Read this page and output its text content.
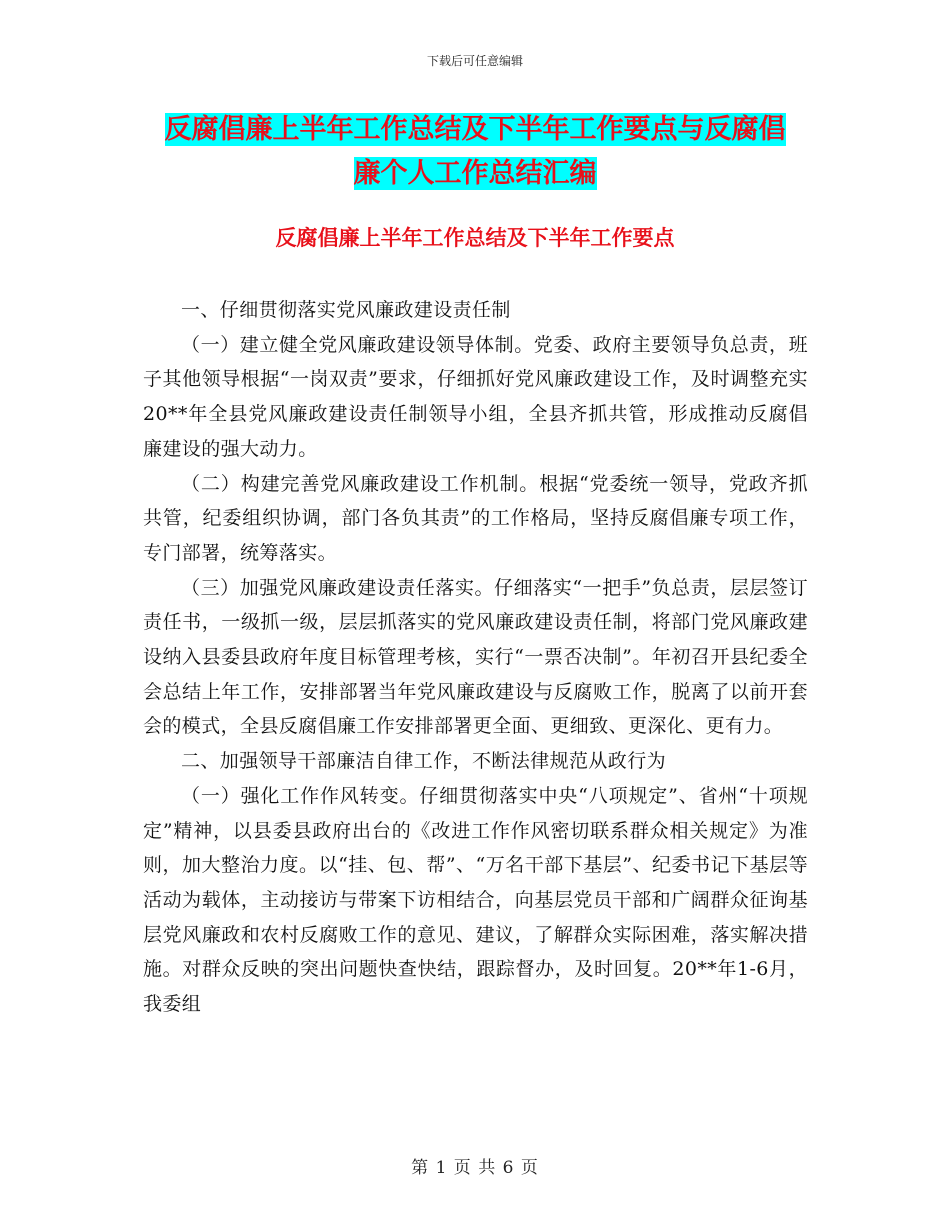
下载后可任意编辑
反腐倡廉上半年工作总结及下半年工作要点与反腐倡
廉个人工作总结汇编
反腐倡廉上半年工作总结及下半年工作要点

一、仔细贯彻落实党风廉政建设责任制

（一）建立健全党风廉政建设领导体制。党委、政府主要领导负总责，班子其他领导根据“一岗双责”要求，仔细抓好党风廉政建设工作，及时调整充实20**年全县党风廉政建设责任制领导小组，全县齐抓共管，形成推动反腐倡廉建设的强大动力。

（二）构建完善党风廉政建设工作机制。根据“党委统一领导，党政齐抓共管，纪委组织协调，部门各负其责”的工作格局，坚持反腐倡廉专项工作，专门部署，统筹落实。

（三）加强党风廉政建设责任落实。仔细落实“一把手”负总责，层层签订责任书，一级抓一级，层层抓落实的党风廉政建设责任制，将部门党风廉政建设纳入县委县政府年度目标管理考核，实行“一票否决制”。年初召开县纪委全会总结上年工作，安排部署当年党风廉政建设与反腐败工作，脱离了以前开套会的模式，全县反腐倡廉工作安排部署更全面、更细致、更深化、更有力。

二、加强领导干部廉洁自律工作，不断法律规范从政行为

（一）强化工作作风转变。仔细贯彻落实中央“八项规定”、省州“十项规定”精神，以县委县政府出台的《改进工作作风密切联系群众相关规定》为准则，加大整治力度。以“挂、包、帮”、“万名干部下基层”、纪委书记下基层等活动为载体，主动接访与带案下访相结合，向基层党员干部和广阔群众征询基层党风廉政和农村反腐败工作的意见、建议，了解群众实际困难，落实解决措施。对群众反映的突出问题快查快结，跟踪督办，及时回复。20**年1-6月，我委组

第 1 页 共 6 页
